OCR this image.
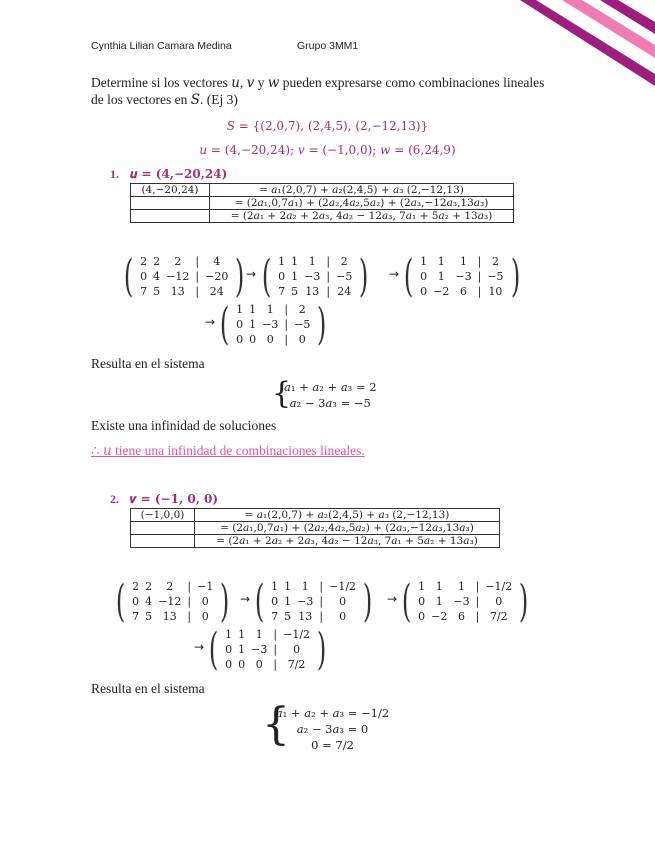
Cynthia Lilian Camara Medina	Grupo 3MM1
Determine si los vectores 𝑢, 𝑣 y 𝑤 pueden expresarse como combinaciones lineales
de los vectores en 𝑆. (Ej 3)
𝑆 = {(2,0,7), (2,4,5), (2,−12,13)}
𝑢 = (4,−20,24); 𝑣 = (−1,0,0); 𝑤 = (6,24,9)
1. 𝒖 = (𝟒,−𝟐𝟎,𝟐𝟒)
(4,−20,24)	= 𝑎₁(2,0,7) + 𝑎₂(2,4,5) + 𝑎₃ (2,−12,13)
	= (2𝑎₁,0,7𝑎₁) + (2𝑎₂,4𝑎₂,5𝑎₂) + (2𝑎₃,−12𝑎₃,13𝑎₃)
	= (2𝑎₁ + 2𝑎₂ + 2𝑎₃, 4𝑎₂ − 12𝑎₃, 7𝑎₁ + 5𝑎₂ + 13𝑎₃)
( 2 2	2	|	4
0 4 −12 | −20
7 5 13 | 24 ) → ( 1 1 1 | 2
0 1 −3 | −5
7 5 13 | 24 ) → ( 1 1	1 | 2
0 1 −3 | −5
0 −2 6 | 10 )
→ ( 1 1 1 | 2
0 1 −3 | −5
0 0 0 | 0 )
Resulta en el sistema
{
𝑎₁ + 𝑎₂ + 𝑎₃ = 2
𝑎₂ − 3𝑎₃ = −5
Existe una infinidad de soluciones
∴ 𝑢 tiene una infinidad de combinaciones lineales.
2. 𝒗 = (−𝟏, 𝟎, 𝟎)
(−1,0,0)	= 𝑎₁(2,0,7) + 𝑎₂(2,4,5) + 𝑎₃ (2,−12,13)
	= (2𝑎₁,0,7𝑎₁) + (2𝑎₂,4𝑎₂,5𝑎₂) + (2𝑎₃,−12𝑎₃,13𝑎₃)
	= (2𝑎₁ + 2𝑎₂ + 2𝑎₃, 4𝑎₂ − 12𝑎₃, 7𝑎₁ + 5𝑎₂ + 13𝑎₃)
( 2 2	2	| −1
0 4 −12 | 0
7 5 13 | 0 ) → ( 1 1 1 | −1/2
0 1 −3 |	0
7 5 13 |	0 ) → ( 1 1	1 | −1/2
0 1 −3 |	0
0 −2 6 | 7/2 )
→ ( 1 1 1 | −1/2
0 1 −3 |	0
0 0 0 | 7/2 )
Resulta en el sistema
{
𝑎₁ + 𝑎₂ + 𝑎₃ = −1/2
𝑎₂ − 3𝑎₃ = 0
0 = 7/2
